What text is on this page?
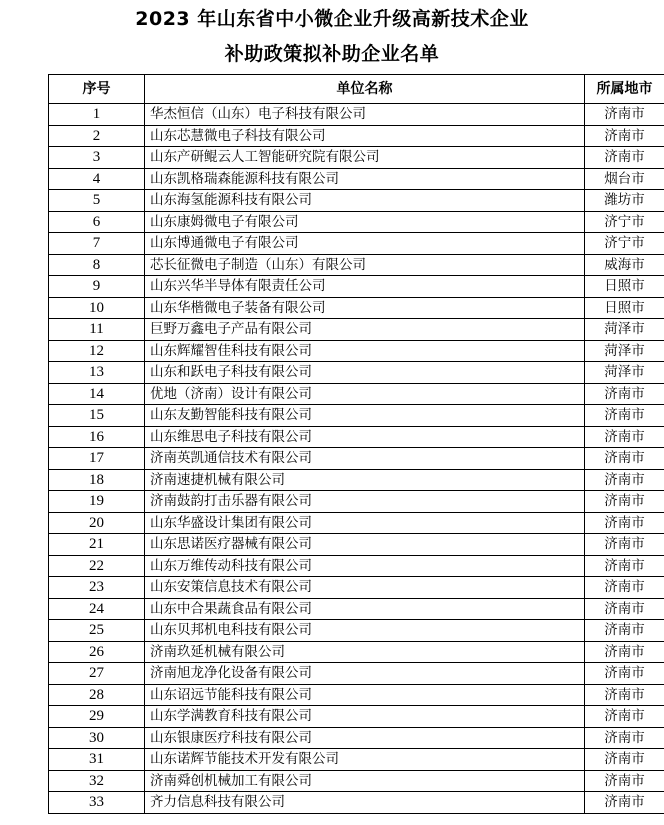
2023 年山东省中小微企业升级高新技术企业
补助政策拟补助企业名单
序号	单位名称	所属地市
1	华杰恒信（山东）电子科技有限公司	济南市
2	山东芯慧微电子科技有限公司	济南市
3	山东产研鲲云人工智能研究院有限公司	济南市
4	山东凯格瑞森能源科技有限公司	烟台市
5	山东海氢能源科技有限公司	潍坊市
6	山东康姆微电子有限公司	济宁市
7	山东博通微电子有限公司	济宁市
8	芯长征微电子制造（山东）有限公司	威海市
9	山东兴华半导体有限责任公司	日照市
10	山东华楷微电子装备有限公司	日照市
11	巨野万鑫电子产品有限公司	菏泽市
12	山东辉耀智佳科技有限公司	菏泽市
13	山东和跃电子科技有限公司	菏泽市
14	优地（济南）设计有限公司	济南市
15	山东友勤智能科技有限公司	济南市
16	山东维思电子科技有限公司	济南市
17	济南英凯通信技术有限公司	济南市
18	济南速捷机械有限公司	济南市
19	济南鼓韵打击乐器有限公司	济南市
20	山东华盛设计集团有限公司	济南市
21	山东思诺医疗器械有限公司	济南市
22	山东万维传动科技有限公司	济南市
23	山东安策信息技术有限公司	济南市
24	山东中合果蔬食品有限公司	济南市
25	山东贝邦机电科技有限公司	济南市
26	济南玖延机械有限公司	济南市
27	济南旭龙净化设备有限公司	济南市
28	山东诏远节能科技有限公司	济南市
29	山东学满教育科技有限公司	济南市
30	山东银康医疗科技有限公司	济南市
31	山东诺辉节能技术开发有限公司	济南市
32	济南舜创机械加工有限公司	济南市
33	齐力信息科技有限公司	济南市
